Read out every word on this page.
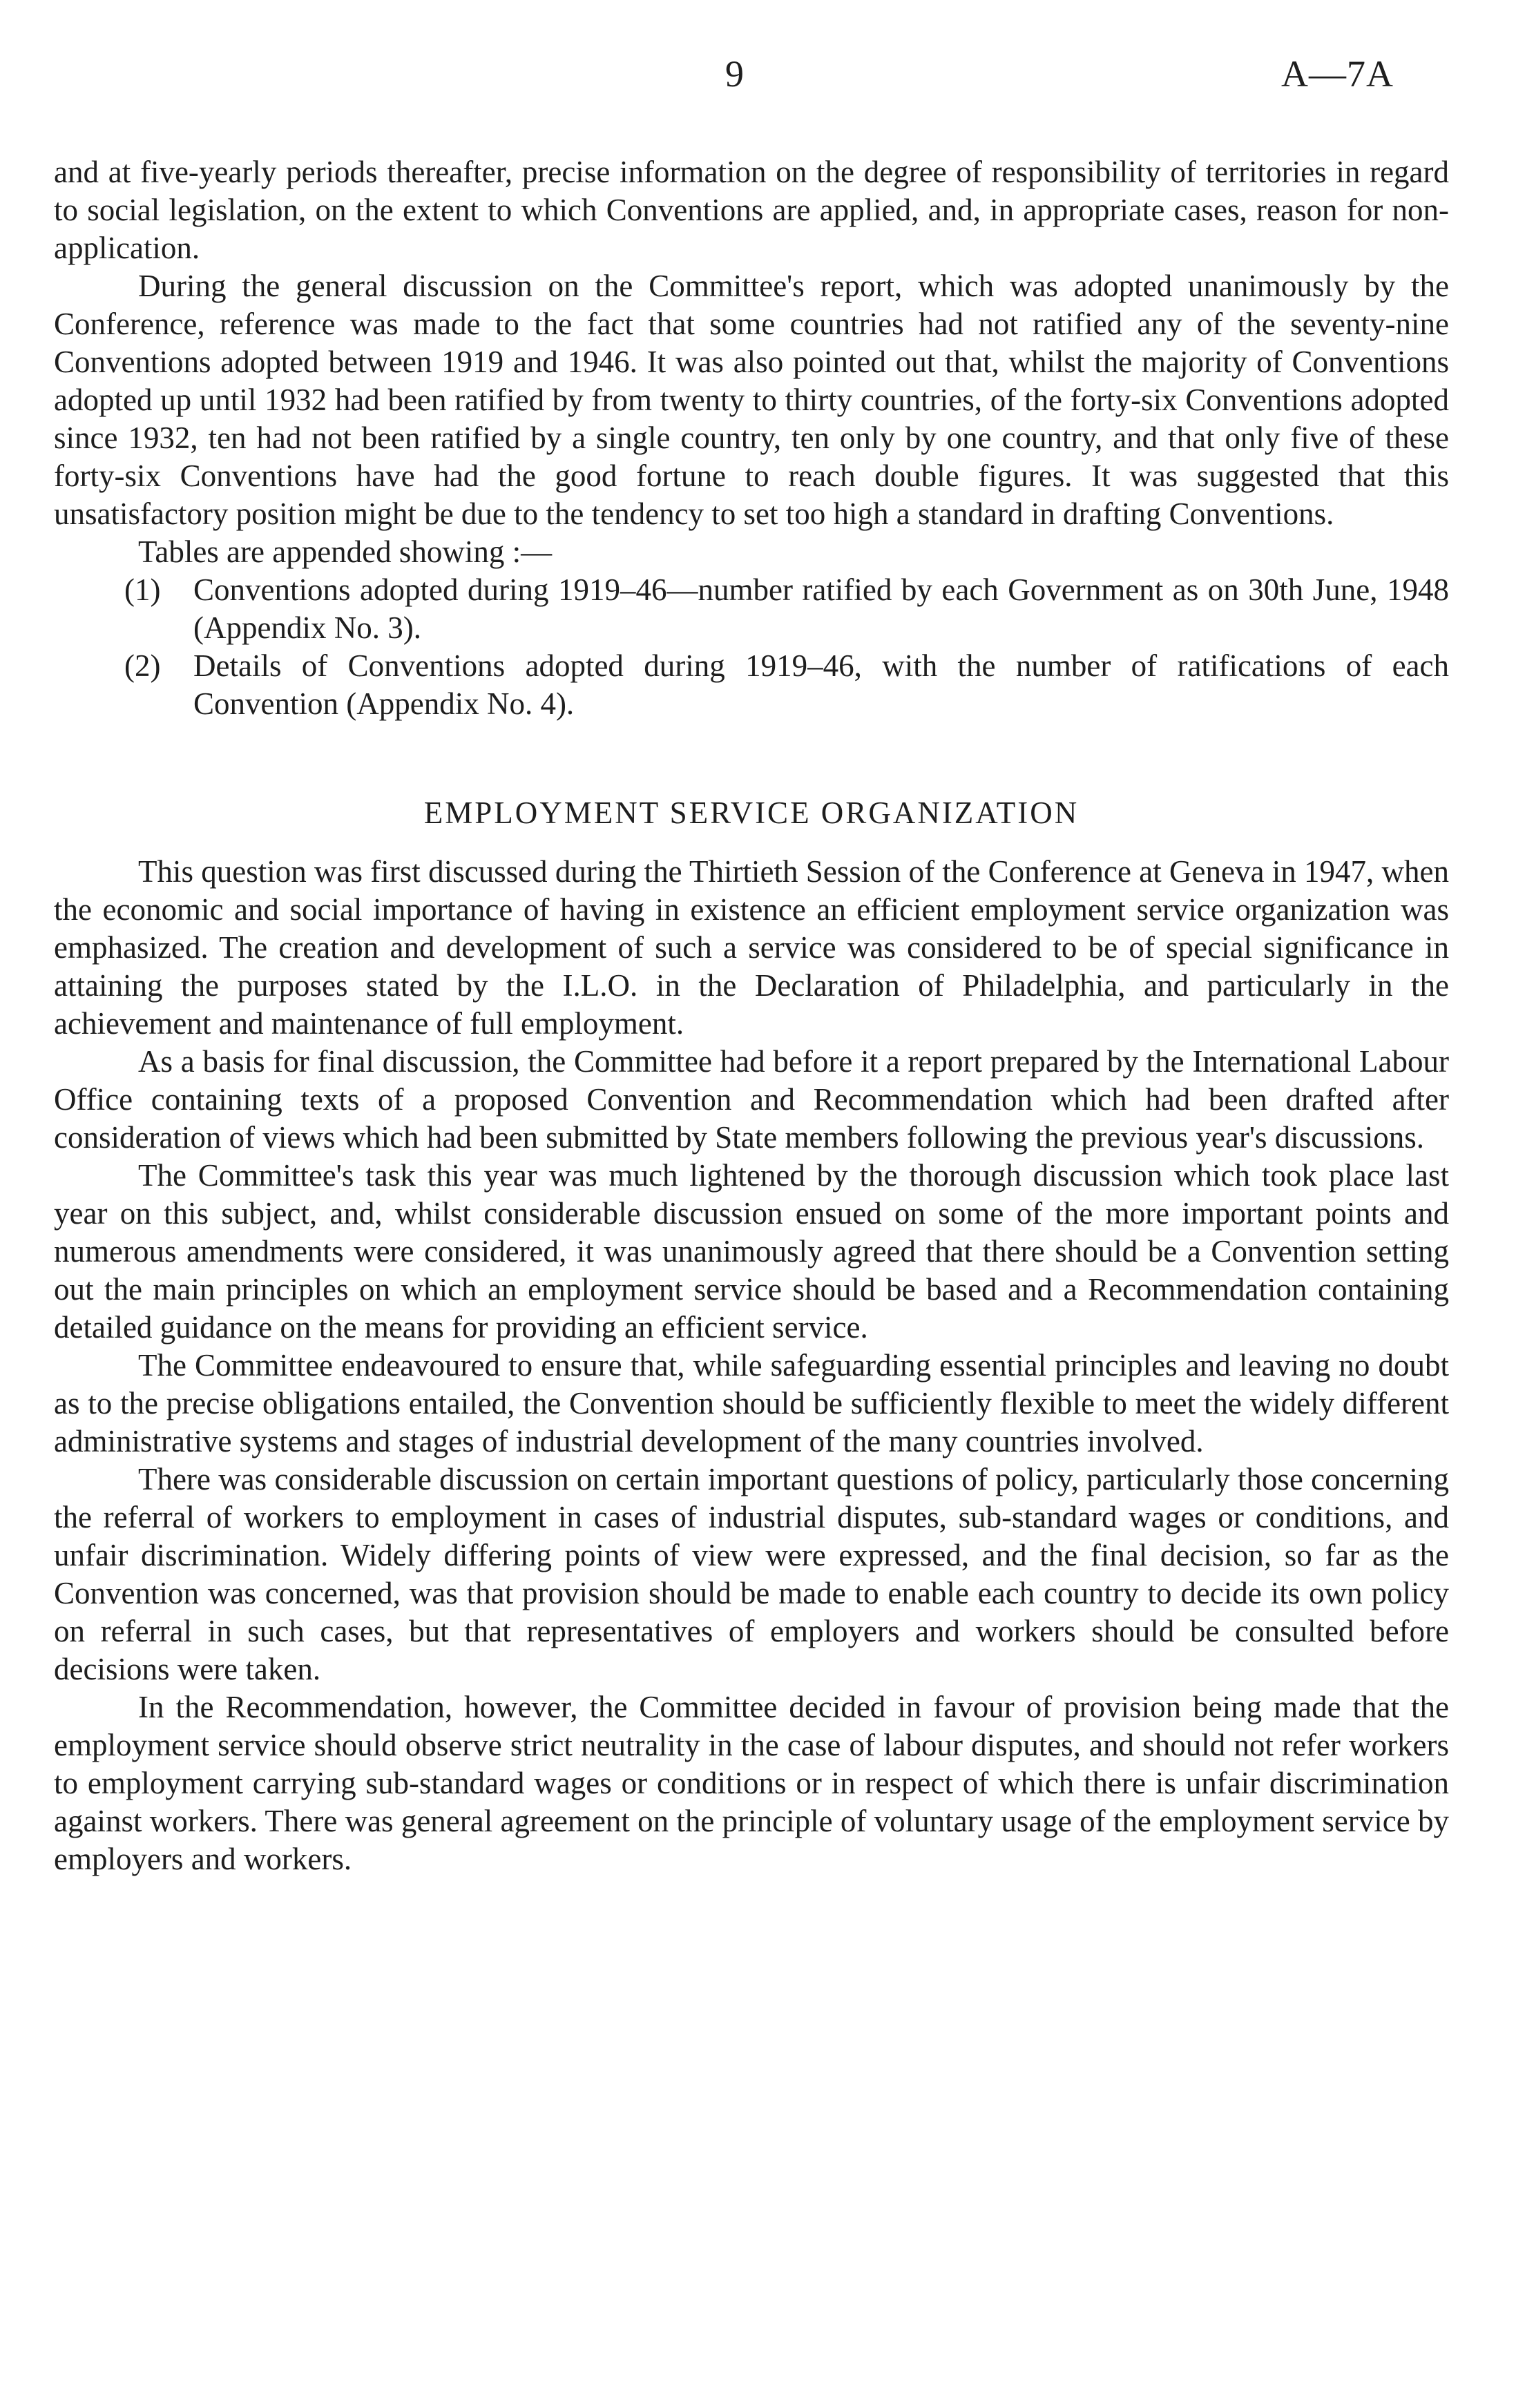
9	A—7A

and at five-yearly periods thereafter, precise information on the degree of responsibility of territories in regard to social legislation, on the extent to which Conventions are applied, and, in appropriate cases, reason for non-application.

During the general discussion on the Committee's report, which was adopted unanimously by the Conference, reference was made to the fact that some countries had not ratified any of the seventy-nine Conventions adopted between 1919 and 1946. It was also pointed out that, whilst the majority of Conventions adopted up until 1932 had been ratified by from twenty to thirty countries, of the forty-six Conventions adopted since 1932, ten had not been ratified by a single country, ten only by one country, and that only five of these forty-six Conventions have had the good fortune to reach double figures. It was suggested that this unsatisfactory position might be due to the tendency to set too high a standard in drafting Conventions.

Tables are appended showing :—

(1)	Conventions adopted during 1919–46—number ratified by each Government as on 30th June, 1948 (Appendix No. 3).
(2)	Details of Conventions adopted during 1919–46, with the number of ratifications of each Convention (Appendix No. 4).
EMPLOYMENT SERVICE ORGANIZATION

This question was first discussed during the Thirtieth Session of the Conference at Geneva in 1947, when the economic and social importance of having in existence an efficient employment service organization was emphasized. The creation and development of such a service was considered to be of special significance in attaining the purposes stated by the I.L.O. in the Declaration of Philadelphia, and particularly in the achievement and maintenance of full employment.

As a basis for final discussion, the Committee had before it a report prepared by the International Labour Office containing texts of a proposed Convention and Recommendation which had been drafted after consideration of views which had been submitted by State members following the previous year's discussions.

The Committee's task this year was much lightened by the thorough discussion which took place last year on this subject, and, whilst considerable discussion ensued on some of the more important points and numerous amendments were considered, it was unanimously agreed that there should be a Convention setting out the main principles on which an employment service should be based and a Recommendation containing detailed guidance on the means for providing an efficient service.

The Committee endeavoured to ensure that, while safeguarding essential principles and leaving no doubt as to the precise obligations entailed, the Convention should be sufficiently flexible to meet the widely different administrative systems and stages of industrial development of the many countries involved.

There was considerable discussion on certain important questions of policy, particularly those concerning the referral of workers to employment in cases of industrial disputes, sub-standard wages or conditions, and unfair discrimination. Widely differing points of view were expressed, and the final decision, so far as the Convention was concerned, was that provision should be made to enable each country to decide its own policy on referral in such cases, but that representatives of employers and workers should be consulted before decisions were taken.

In the Recommendation, however, the Committee decided in favour of provision being made that the employment service should observe strict neutrality in the case of labour disputes, and should not refer workers to employment carrying sub-standard wages or conditions or in respect of which there is unfair discrimination against workers. There was general agreement on the principle of voluntary usage of the employment service by employers and workers.
